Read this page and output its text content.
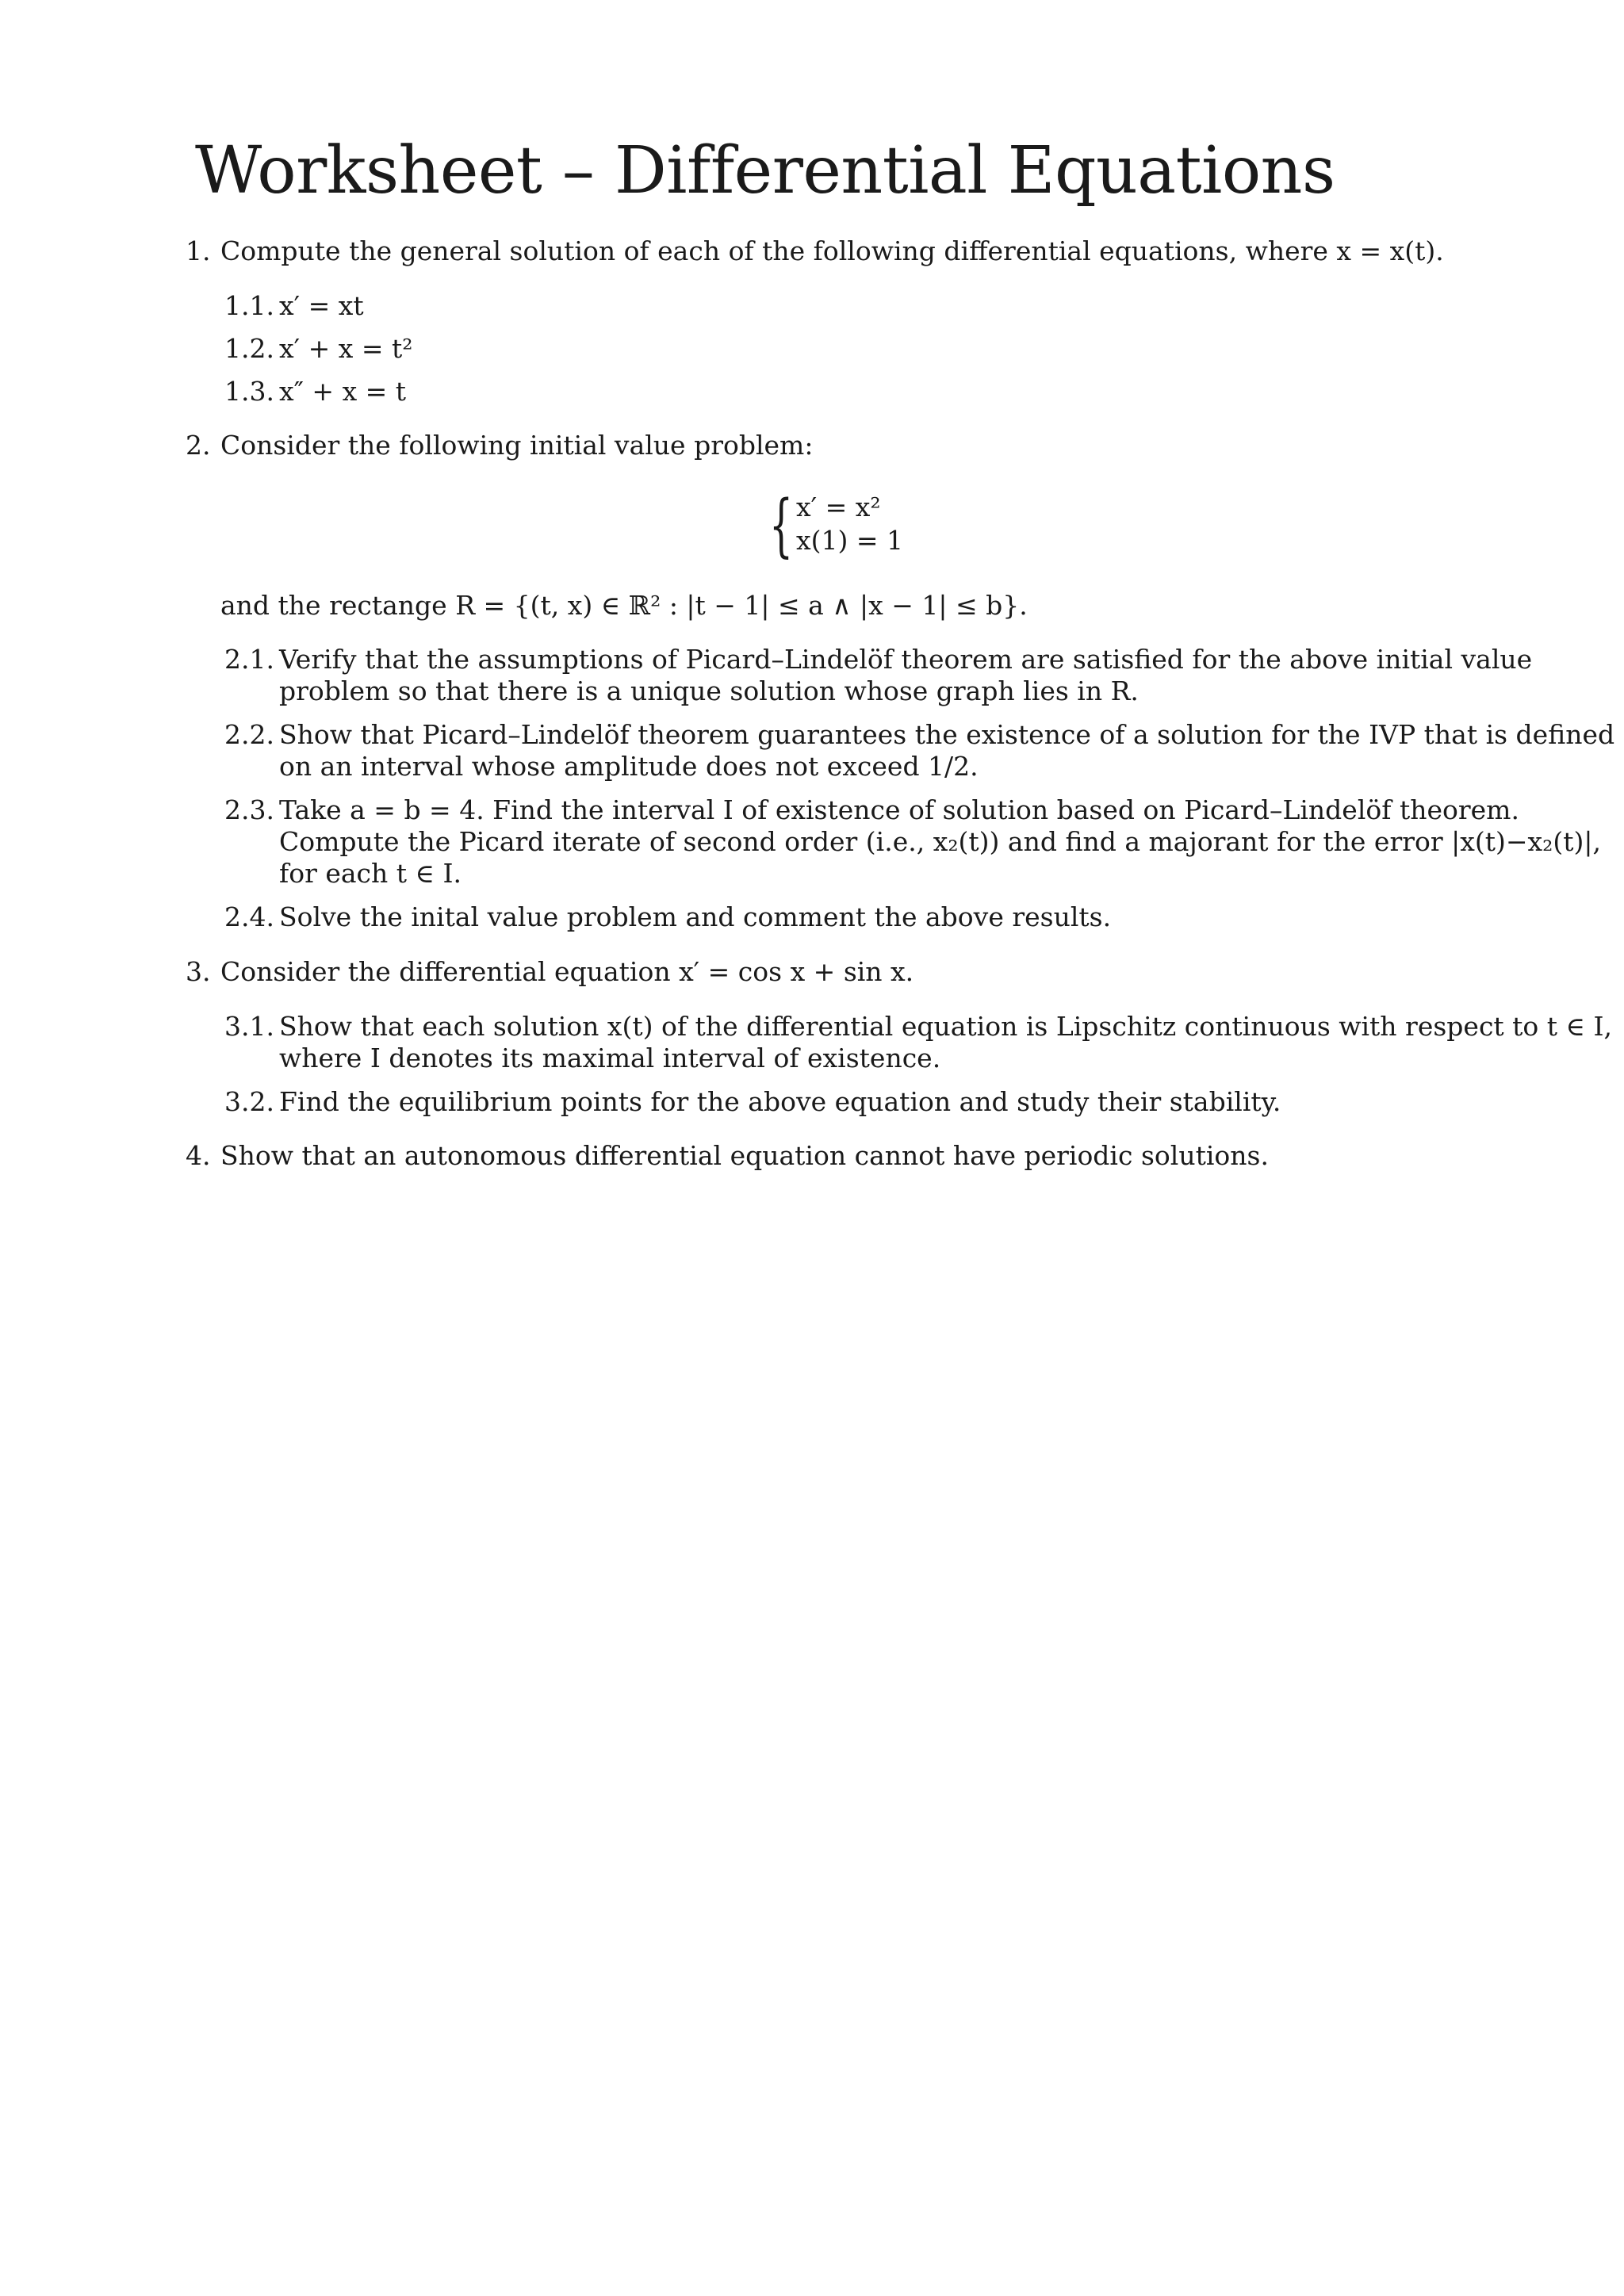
Worksheet – Differential Equations
1. Compute the general solution of each of the following differential equations, where x = x(t).
1.1. x′ = xt
1.2. x′ + x = t²
1.3. x″ + x = t
2. Consider the following initial value problem:
{ x′ = x²
x(1) = 1
and the rectange R = {(t, x) ∈ ℝ² : |t − 1| ≤ a ∧ |x − 1| ≤ b}.
2.1. Verify that the assumptions of Picard–Lindelöf theorem are satisfied for the above initial value
problem so that there is a unique solution whose graph lies in R.
2.2. Show that Picard–Lindelöf theorem guarantees the existence of a solution for the IVP that is defined
on an interval whose amplitude does not exceed 1/2.
2.3. Take a = b = 4. Find the interval I of existence of solution based on Picard–Lindelöf theorem.
Compute the Picard iterate of second order (i.e., x₂(t)) and find a majorant for the error |x(t)−x₂(t)|,
for each t ∈ I.
2.4. Solve the inital value problem and comment the above results.
3. Consider the differential equation x′ = cos x + sin x.
3.1. Show that each solution x(t) of the differential equation is Lipschitz continuous with respect to t ∈ I,
where I denotes its maximal interval of existence.
3.2. Find the equilibrium points for the above equation and study their stability.
4. Show that an autonomous differential equation cannot have periodic solutions.
